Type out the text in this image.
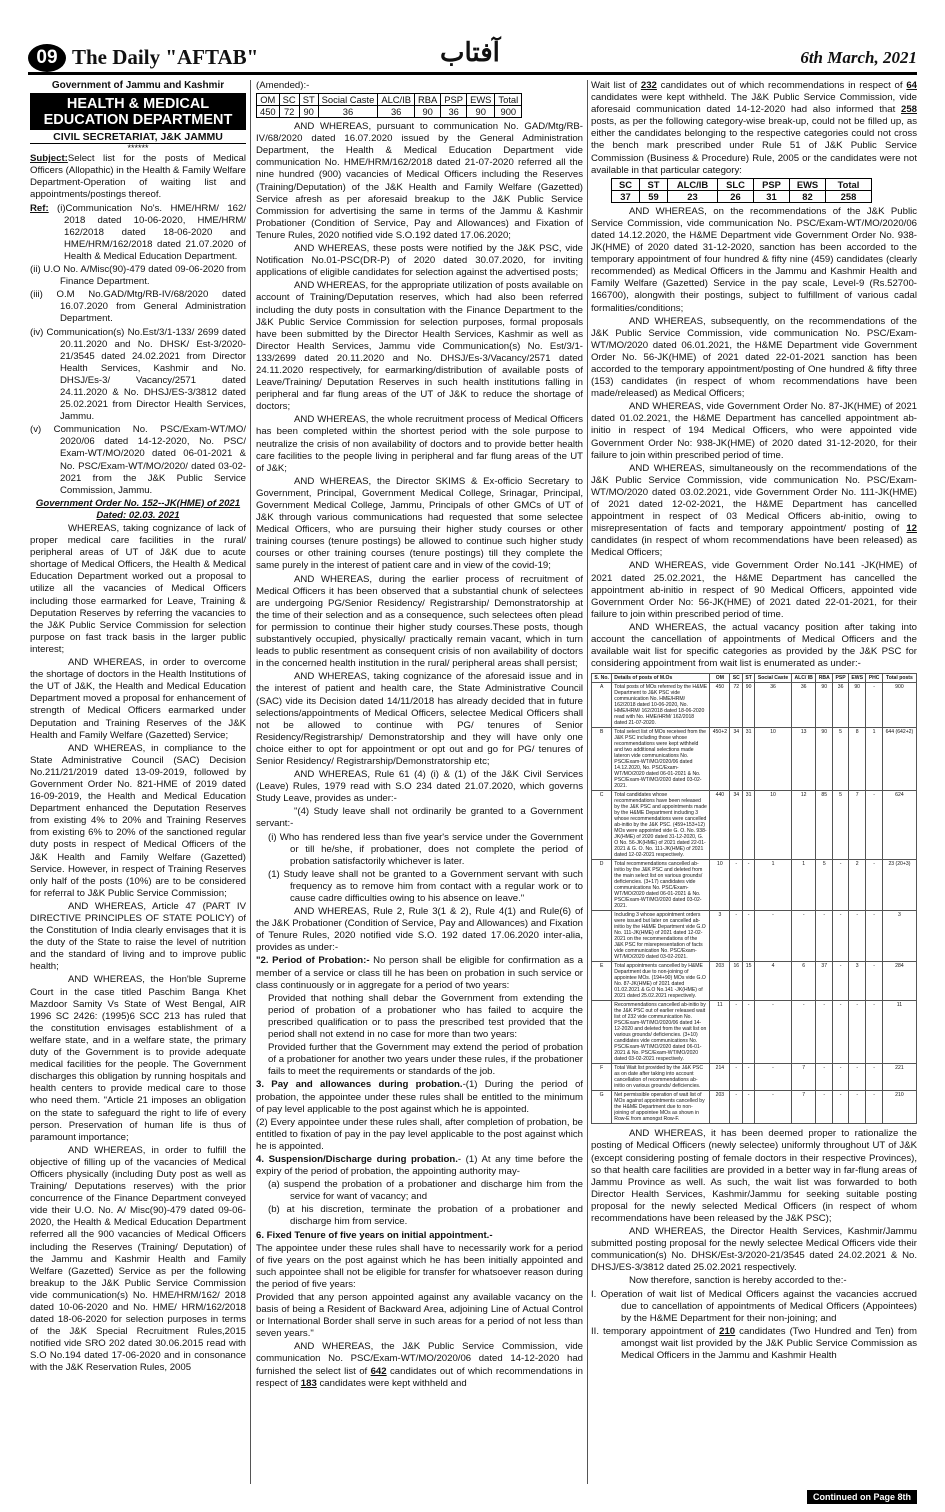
09 The Daily "AFTAB"	آفتاب	6th March, 2021
Government of Jammu and Kashmir
HEALTH & MEDICAL EDUCATION DEPARTMENT
CIVIL SECRETARIAT, J&K JAMMU
******

Subject:Select list for the posts of Medical Officers (Allopathic) in the Health & Family Welfare Department-Operation of waiting list and appointments/postings thereof.

Ref: (i)Communication No's. HME/HRM/ 162/ 2018 dated 10-06-2020, HME/HRM/ 162/2018 dated 18-06-2020 and HME/HRM/162/2018 dated 21.07.2020 of Health & Medical Education Department.

(ii) U.O No. A/Misc(90)-479 dated 09-06-2020 from Finance Department.

(iii) O.M No.GAD/Mtg/RB-IV/68/2020 dated 16.07.2020 from General Administration Department.

(iv) Communication(s) No.Est/3/1-133/ 2699 dated 20.11.2020 and No. DHSK/ Est-3/2020-21/3545 dated 24.02.2021 from Director Health Services, Kashmir and No. DHSJ/Es-3/ Vacancy/2571 dated 24.11.2020 & No. DHSJ/ES-3/3812 dated 25.02.2021 from Director Health Services, Jammu.

(v) Communication No. PSC/Exam-WT/MO/ 2020/06 dated 14-12-2020, No. PSC/ Exam-WT/MO/2020 dated 06-01-2021 & No. PSC/Exam-WT/MO/2020/ dated 03-02-2021 from the J&K Public Service Commission, Jammu.

Government Order No. 152--JK(HME) of 2021 Dated: 02.03. 2021

WHEREAS, taking cognizance of lack of proper medical care facilities in the rural/ peripheral areas of UT of J&K due to acute shortage of Medical Officers, the Health & Medical Education Department worked out a proposal to utilize all the vacancies of Medical Officers including those earmarked for Leave, Training & Deputation Reserves by referring the vacancies to the J&K Public Service Commission for selection purpose on fast track basis in the larger public interest;

AND WHEREAS, in order to overcome the shortage of doctors in the Health Institutions of the UT of J&K, the Health and Medical Education Department moved a proposal for enhancement of strength of Medical Officers earmarked under Deputation and Training Reserves of the J&K Health and Family Welfare (Gazetted) Service;

AND WHEREAS, in compliance to the State Administrative Council (SAC) Decision No.211/21/2019 dated 13-09-2019, followed by Government Order No. 821-HME of 2019 dated 16-09-2019, the Health and Medical Education Department enhanced the Deputation Reserves from existing 4% to 20% and Training Reserves from existing 6% to 20% of the sanctioned regular duty posts in respect of Medical Officers of the J&K Health and Family Welfare (Gazetted) Service. However, in respect of Training Reserves only half of the posts (10%) are to be considered for referral to J&K Public Service Commission;

AND WHEREAS, Article 47 (PART IV DIRECTIVE PRINCIPLES OF STATE POLICY) of the Constitution of India clearly envisages that it is the duty of the State to raise the level of nutrition and the standard of living and to improve public health;

AND WHEREAS, the Hon'ble Supreme Court in the case titled Paschim Banga Khet Mazdoor Samity Vs State of West Bengal, AIR 1996 SC 2426: (1995)6 SCC 213 has ruled that the constitution envisages establishment of a welfare state, and in a welfare state, the primary duty of the Government is to provide adequate medical facilities for the people. The Government discharges this obligation by running hospitals and health centers to provide medical care to those who need them. "Article 21 imposes an obligation on the state to safeguard the right to life of every person. Preservation of human life is thus of paramount importance;

AND WHEREAS, in order to fulfill the objective of filling up of the vacancies of Medical Officers physically (including Duty post as well as Training/ Deputations reserves) with the prior concurrence of the Finance Department conveyed vide their U.O. No. A/ Misc(90)-479 dated 09-06-2020, the Health & Medical Education Department referred all the 900 vacancies of Medical Officers including the Reserves (Training/ Deputation) of the Jammu and Kashmir Health and Family Welfare (Gazetted) Service as per the following breakup to the J&K Public Service Commission vide communication(s) No. HME/HRM/162/ 2018 dated 10-06-2020 and No. HME/ HRM/162/2018 dated 18-06-2020 for selection purposes in terms of the J&K Special Recruitment Rules,2015 notified vide SRO 202 dated 30.06.2015 read with S.O No.194 dated 17-06-2020 and in consonance with the J&K Reservation Rules, 2005

(Amended):-

OM	SC	ST	Social Caste	ALC/IB	RBA	PSP	EWS	Total
450	72	90	36	36	90	36	90	900

AND WHEREAS, pursuant to communication No. GAD/Mtg/RB-IV/68/2020 dated 16.07.2020 issued by the General Administration Department, the Health & Medical Education Department vide communication No. HME/HRM/162/2018 dated 21-07-2020 referred all the nine hundred (900) vacancies of Medical Officers including the Reserves (Training/Deputation) of the J&K Health and Family Welfare (Gazetted) Service afresh as per aforesaid breakup to the J&K Public Service Commission for advertising the same in terms of the Jammu & Kashmir Probationer (Condition of Service, Pay and Allowances) and Fixation of Tenure Rules, 2020 notified vide S.O.192 dated 17.06.2020;

AND WHEREAS, these posts were notified by the J&K PSC, vide Notification No.01-PSC(DR-P) of 2020 dated 30.07.2020, for inviting applications of eligible candidates for selection against the advertised posts;

AND WHEREAS, for the appropriate utilization of posts available on account of Training/Deputation reserves, which had also been referred including the duty posts in consultation with the Finance Department to the J&K Public Service Commission for selection purposes, formal proposals have been submitted by the Director Health Services, Kashmir as well as Director Health Services, Jammu vide Communication(s) No. Est/3/1-133/2699 dated 20.11.2020 and No. DHSJ/Es-3/Vacancy/2571 dated 24.11.2020 respectively, for earmarking/distribution of available posts of Leave/Training/ Deputation Reserves in such health institutions falling in peripheral and far flung areas of the UT of J&K to reduce the shortage of doctors;

AND WHEREAS, the whole recruitment process of Medical Officers has been completed within the shortest period with the sole purpose to neutralize the crisis of non availability of doctors and to provide better health care facilities to the people living in peripheral and far flung areas of the UT of J&K;

AND WHEREAS, the Director SKIMS & Ex-officio Secretary to Government, Principal, Government Medical College, Srinagar, Principal, Government Medical College, Jammu, Principals of other GMCs of UT of J&K through various communications had requested that some selectee Medical Officers, who are pursuing their higher study courses or other training courses (tenure postings) be allowed to continue such higher study courses or other training courses (tenure postings) till they complete the same purely in the interest of patient care and in view of the covid-19;

AND WHEREAS, during the earlier process of recruitment of Medical Officers it has been observed that a substantial chunk of selectees are undergoing PG/Senior Residency/ Registrarship/ Demonstratorship at the time of their selection and as a consequence, such selectees often plead for permission to continue their higher study courses.These posts, though substantively occupied, physically/ practically remain vacant, which in turn leads to public resentment as consequent crisis of non availability of doctors in the concerned health institution in the rural/ peripheral areas shall persist;

AND WHEREAS, taking cognizance of the aforesaid issue and in the interest of patient and health care, the State Administrative Council (SAC) vide its Decision dated 14/11/2018 has already decided that in future selections/appointments of Medical Officers, selectee Medical Officers shall not be allowed to continue with PG/ tenures of Senior Residency/Registrarship/ Demonstratorship and they will have only one choice either to opt for appointment or opt out and go for PG/ tenures of Senior Residency/ Registrarship/Demonstratorship etc;

AND WHEREAS, Rule 61 (4) (i) & (1) of the J&K Civil Services (Leave) Rules, 1979 read with S.O 234 dated 21.07.2020, which governs Study Leave, provides as under:-

"(4) Study leave shall not ordinarily be granted to a Government servant:-

(i) Who has rendered less than five year's service under the Government or till he/she, if probationer, does not complete the period of probation satisfactorily whichever is later.

(1) Study leave shall not be granted to a Government servant with such frequency as to remove him from contact with a regular work or to cause cadre difficulties owing to his absence on leave."

AND WHEREAS, Rule 2, Rule 3(1 & 2), Rule 4(1) and Rule(6) of the J&K Probationer (Condition of Service, Pay and Allowances) and Fixation of Tenure Rules, 2020 notified vide S.O. 192 dated 17.06.2020 inter-alia, provides as under:-

"2. Period of Probation:- No person shall be eligible for confirmation as a member of a service or class till he has been on probation in such service or class continuously or in aggregate for a period of two years:

Provided that nothing shall debar the Government from extending the period of probation of a probationer who has failed to acquire the prescribed qualification or to pass the prescribed test provided that the period shall not extend in no case for more than two years:

Provided further that the Government may extend the period of probation of a probationer for another two years under these rules, if the probationer fails to meet the requirements or standards of the job.

3. Pay and allowances during probation.-(1) During the period of probation, the appointee under these rules shall be entitled to the minimum of pay level applicable to the post against which he is appointed.

(2) Every appointee under these rules shall, after completion of probation, be entitled to fixation of pay in the pay level applicable to the post against which he is appointed.

4. Suspension/Discharge during probation.- (1) At any time before the expiry of the period of probation, the appointing authority may-

(a) suspend the probation of a probationer and discharge him from the service for want of vacancy; and

(b) at his discretion, terminate the probation of a probationer and discharge him from service.

6. Fixed Tenure of five years on initial appointment.-

The appointee under these rules shall have to necessarily work for a period of five years on the post against which he has been initially appointed and such appointee shall not be eligible for transfer for whatsoever reason during the period of five years:

Provided that any person appointed against any available vacancy on the basis of being a Resident of Backward Area, adjoining Line of Actual Control or International Border shall serve in such areas for a period of not less than seven years."

AND WHEREAS, the J&K Public Service Commission, vide communication No. PSC/Exam-WT/MO/2020/06 dated 14-12-2020 had furnished the select list of 642 candidates out of which recommendations in respect of 183 candidates were kept withheld and

Wait list of 232 candidates out of which recommendations in respect of 64 candidates were kept withheld. The J&K Public Service Commission, vide aforesaid communication dated 14-12-2020 had also informed that 258 posts, as per the following category-wise break-up, could not be filled up, as either the candidates belonging to the respective categories could not cross the bench mark prescribed under Rule 51 of J&K Public Service Commission (Business & Procedure) Rule, 2005 or the candidates were not available in that particular category:

SC	ST	ALC/IB	SLC	PSP	EWS	Total
37	59	23	26	31	82	258

AND WHEREAS, on the recommendations of the J&K Public Service Commission, vide communication No. PSC/Exam-WT/MO/2020/06 dated 14.12.2020, the H&ME Department vide Government Order No. 938-JK(HME) of 2020 dated 31-12-2020, sanction has been accorded to the temporary appointment of four hundred & fifty nine (459) candidates (clearly recommended) as Medical Officers in the Jammu and Kashmir Health and Family Welfare (Gazetted) Service in the pay scale, Level-9 (Rs.52700-166700), alongwith their postings, subject to fulfillment of various cadal formalities/conditions;

AND WHEREAS, subsequently, on the recommendations of the J&K Public Service Commission, vide communication No. PSC/Exam-WT/MO/2020 dated 06.01.2021, the H&ME Department vide Government Order No. 56-JK(HME) of 2021 dated 22-01-2021 sanction has been accorded to the temporary appointment/posting of One hundred & fifty three (153) candidates (in respect of whom recommendations have been made/released) as Medical Officers;

AND WHEREAS, vide Government Order No. 87-JK(HME) of 2021 dated 01.02.2021, the H&ME Department has cancelled appointment ab-initio in respect of 194 Medical Officers, who were appointed vide Government Order No: 938-JK(HME) of 2020 dated 31-12-2020, for their failure to join within prescribed period of time.

AND WHEREAS, simultaneously on the recommendations of the J&K Public Service Commission, vide communication No. PSC/Exam-WT/MO/2020 dated 03.02.2021, vide Government Order No. 111-JK(HME) of 2021 dated 12-02-2021, the H&ME Department has cancelled appointment in respect of 03 Medical Officers ab-initio, owing to misrepresentation of facts and temporary appointment/ posting of 12 candidates (in respect of whom recommendations have been released) as Medical Officers;

AND WHEREAS, vide Government Order No.141 -JK(HME) of 2021 dated 25.02.2021, the H&ME Department has cancelled the appointment ab-initio in respect of 90 Medical Officers, appointed vide Government Order No: 56-JK(HME) of 2021 dated 22-01-2021, for their failure to join within prescribed period of time.

AND WHEREAS, the actual vacancy position after taking into account the cancellation of appointments of Medical Officers and the available wait list for specific categories as provided by the J&K PSC for considering appointment from wait list is enumerated as under:-

S. No.	Details of posts of M.Os	OM	SC	ST	Social Caste	ALC/ IB	RBA	PSP	EWS	PHC	Total posts
A	Total posts of MOs referred by the H&ME Department to J&K PSC vide communication No. HME/HRM/ 162/2018 dated 10-06-2020, No. HME/HRM/ 162/2018 dated 18-06-2020 read with No. HME/HRM/ 162/2018 dated 21-07-2020.	450	72	90	36	36	90	36	90	-	900
B	Total select list of MOs received from the J&K PSC including those whose recommendations were kept withheld and two additional selections made lateron vide communications No. PSC/Exam-WT/MO/2020/06 dated 14.12.2020, No. PSC/Exam-WT/MO/2020 dated 06-01-2021 & No. PSC/Exam-WT/MO/2020 dated 03-02-2021.	450+2	34	31	10	13	90	5	8	1	644 (642+2)
C	Total candidates whose recommendations have been released by the J&K PSC and appointments made by the H&ME Department including 3 whose recommendations were cancelled ab-initio by the J&K PSC. (459+153+12) MOs were appointed vide G. O. No. 938-JK(HME) of 2020 dated 31-12-2020, G. O No. 56-JK(HME) of 2021 dated 22-01-2021 & G. O. No. 111-JK(HME) of 2021 dated 12-02-2021 respectively.	440	34	31	10	12	85	5	7	-	624
D	Total recommendations cancelled ab-initio by the J&K PSC and deleted from the main select list on various grounds/ deficiencies. (3+17) candidates vide communications No. PSC/Exam-WT/MO/2020 dated 06-01-2021 & No. PSC/Exam-WT/MO/2020 dated 03-02-2021.	10	-	-	1	1	5	-	2	-	23 (20+3)
	Including 3 whose appointment orders were issued but later on cancelled ab-initio by the H&ME Department vide G.O No. 111-JK(HME) of 2021 dated 12-02-2021 on the recommendations of the J&K PSC for misrepresentation of facts vide communication No. PSC/Exam-WT/MO/2020 dated 03-02-2021.	3	-	-	-	-	-	-	-	-	3
E	Total appointments cancelled by H&ME Department due to non-joining of appointee MOs. (194+90) MOs vide G.O No. 87-JK(HME) of 2021 dated 01.02.2021 & G.O No.141 -JK(HME) of 2021 dated 25.02.2021 respectively.	203	16	15	4	6	37	-	3	-	284
	Recommendations cancelled ab-initio by the J&K PSC out of earlier released wait list of 232 vide communication No. PSC/Exam-WT/MO/2020/06 dated 14-12-2020 and deleted from the wait list on various grounds/ deficiencies. (3+10) candidates vide communications No. PSC/Exam-WT/MO/2020 dated 06-01-2021 & No. PSC/Exam-WT/MO/2020 dated 03-02-2021 respectively.	11	-	-	-	-	-	-	-	-	11
F	Total Wait list provided by the J&K PSC as on date after taking into account cancellation of recommendations ab-initio on various grounds/ deficiencies.	214	-	-	-	7	-	-	-	-	221
G	Net permissible operation of wait list of MOs against appointments cancelled by the H&ME Department due to non-joining of appointee MOs as shown in Row-E from amongst Row-F.	203	-	-	-	7	-	-	-	-	210

AND WHEREAS, it has been deemed proper to rationalize the posting of Medical Officers (newly selectee) uniformly throughout UT of J&K (except considering posting of female doctors in their respective Provinces), so that health care facilities are provided in a better way in far-flung areas of Jammu Province as well. As such, the wait list was forwarded to both Director Health Services, Kashmir/Jammu for seeking suitable posting proposal for the newly selected Medical Officers (in respect of whom recommendations have been released by the J&K PSC);

AND WHEREAS, the Director Health Services, Kashmir/Jammu submitted posting proposal for the newly selectee Medical Officers vide their communication(s) No. DHSK/Est-3/2020-21/3545 dated 24.02.2021 & No. DHSJ/ES-3/3812 dated 25.02.2021 respectively.

Now therefore, sanction is hereby accorded to the:-

I. Operation of wait list of Medical Officers against the vacancies accrued due to cancellation of appointments of Medical Officers (Appointees) by the H&ME Department for their non-joining; and

II. temporary appointment of 210 candidates (Two Hundred and Ten) from amongst wait list provided by the J&K Public Service Commission as Medical Officers in the Jammu and Kashmir Health

Continued on Page 8th
